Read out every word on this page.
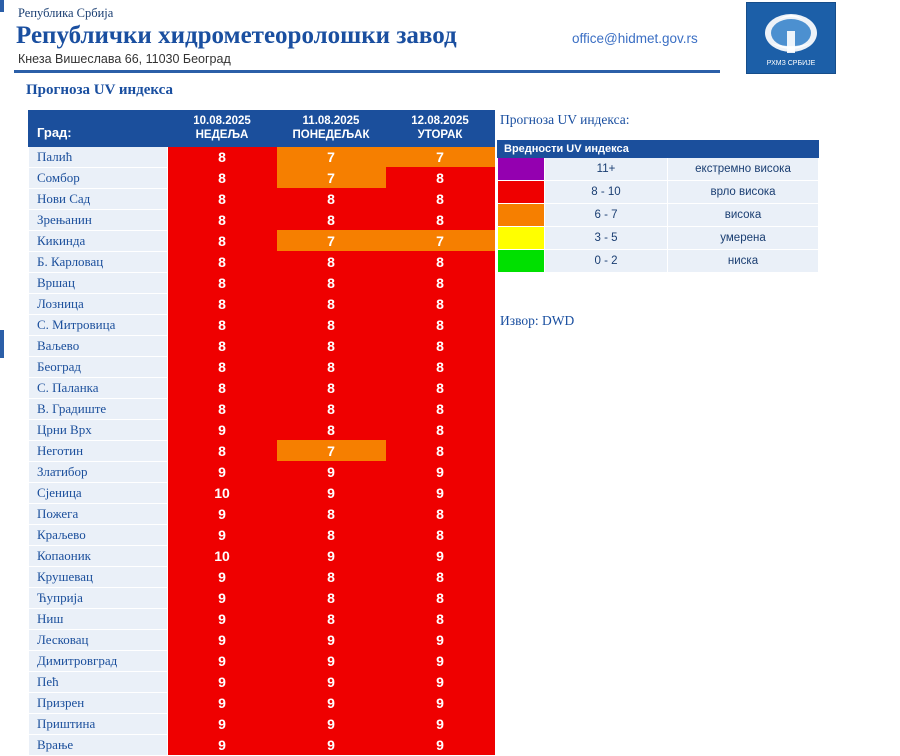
Република Србија
Републички хидрометеоролошки завод
Кнеза Вишеслава 66, 11030 Београд
office@hidmet.gov.rs
РХМЗ СРБИЈЕ
Прогноза UV индекса
Град:	
10.08.2025
НЕДЕЉА

11.08.2025
ПОНЕДЕЉАК

12.08.2025
УТОРАК

Палић	8	7	7
Сомбор	8	7	8
Нови Сад	8	8	8
Зрењанин	8	8	8
Кикинда	8	7	7
Б. Карловац	8	8	8
Вршац	8	8	8
Лозница	8	8	8
С. Митровица	8	8	8
Ваљево	8	8	8
Београд	8	8	8
С. Паланка	8	8	8
В. Градиште	8	8	8
Црни Врх	9	8	8
Неготин	8	7	8
Златибор	9	9	9
Сјеница	10	9	9
Пожега	9	8	8
Краљево	9	8	8
Копаоник	10	9	9
Крушевац	9	8	8
Ћуприја	9	8	8
Ниш	9	8	8
Лесковац	9	9	9
Димитровград	9	9	9
Пећ	9	9	9
Призрен	9	9	9
Приштина	9	9	9
Врање	9	9	9
Прогноза UV индекса:
Вредности UV индекса		
	11+	екстремно висока
	8 - 10	врло висока
	6 - 7	висока
	3 - 5	умерена
	0 - 2	ниска
Извор: DWD
